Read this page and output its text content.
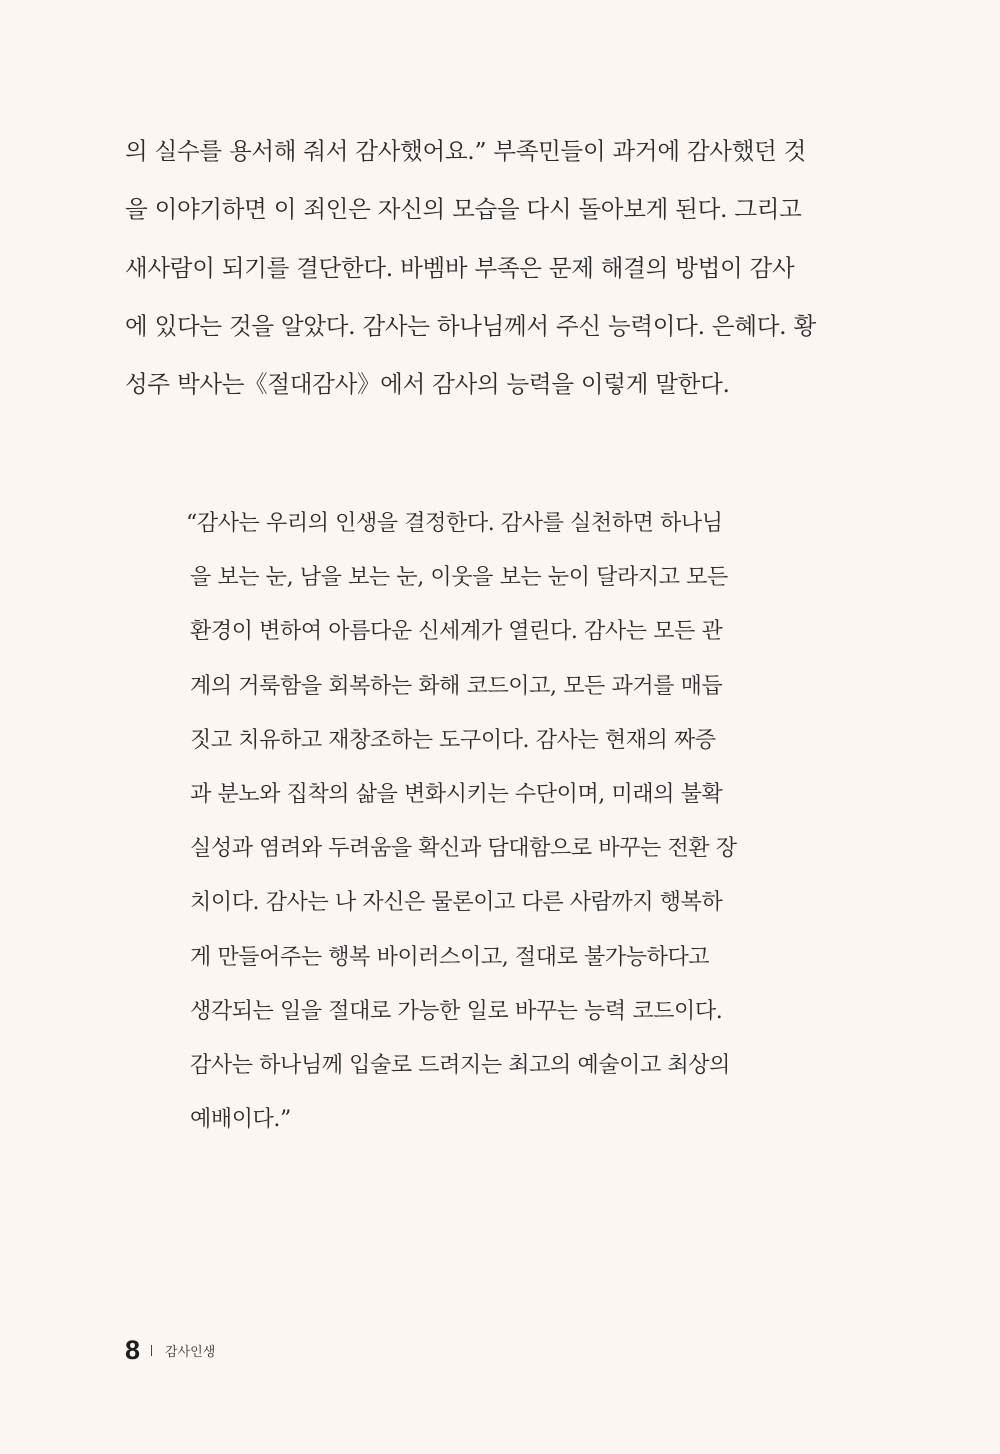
의 실수를 용서해 줘서 감사했어요.” 부족민들이 과거에 감사했던 것
을 이야기하면 이 죄인은 자신의 모습을 다시 돌아보게 된다. 그리고
새사람이 되기를 결단한다. 바벰바 부족은 문제 해결의 방법이 감사
에 있다는 것을 알았다. 감사는 하나님께서 주신 능력이다. 은혜다. 황
성주 박사는《절대감사》에서 감사의 능력을 이렇게 말한다.
“감사는 우리의 인생을 결정한다. 감사를 실천하면 하나님
을 보는 눈, 남을 보는 눈, 이웃을 보는 눈이 달라지고 모든
환경이 변하여 아름다운 신세계가 열린다. 감사는 모든 관
계의 거룩함을 회복하는 화해 코드이고, 모든 과거를 매듭
짓고 치유하고 재창조하는 도구이다. 감사는 현재의 짜증
과 분노와 집착의 삶을 변화시키는 수단이며, 미래의 불확
실성과 염려와 두려움을 확신과 담대함으로 바꾸는 전환 장
치이다. 감사는 나 자신은 물론이고 다른 사람까지 행복하
게 만들어주는 행복 바이러스이고, 절대로 불가능하다고
생각되는 일을 절대로 가능한 일로 바꾸는 능력 코드이다.
감사는 하나님께 입술로 드려지는 최고의 예술이고 최상의
예배이다.”
8 감사인생
